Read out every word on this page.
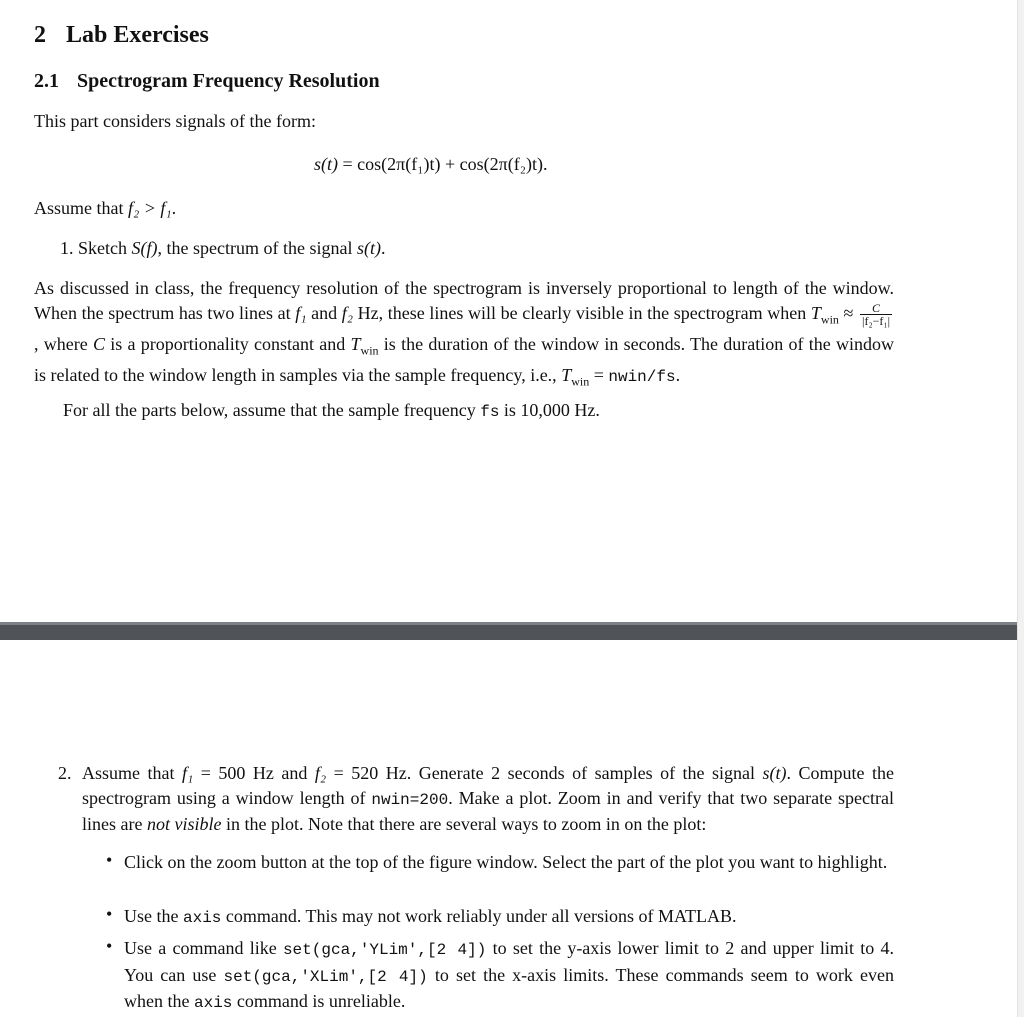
2 Lab Exercises
2.1 Spectrogram Frequency Resolution
This part considers signals of the form:
s(t) = cos(2π(f₁)t) + cos(2π(f₂)t).
Assume that f₂ > f₁.
1. Sketch S(f), the spectrum of the signal s(t).
As discussed in class, the frequency resolution of the spectrogram is inversely proportional to length of the window. When the spectrum has two lines at f₁ and f₂ Hz, these lines will be clearly visible in the spectrogram when $T_{win} \approx \frac{C}{\text{|f₂−f₁|}}$
, where C is a proportionality constant and $T_{win}$ is the duration of the window in seconds. The duration of the window is related to the window length in samples via the sample frequency, i.e., $T_{win}$ = nwin/fs.
For all the parts below, assume that the sample frequency fs is 10,000 Hz.
2. Assume that f₁ = 500 Hz and f₂ = 520 Hz. Generate 2 seconds of samples of the signal s(t). Compute the spectrogram using a window length of nwin=200. Make a plot. Zoom in and verify that two separate spectral lines are not visible in the plot. Note that there are several ways to zoom in on the plot:
• Click on the zoom button at the top of the figure window. Select the part of the plot you want to highlight.
• Use the axis command. This may not work reliably under all versions of MATLAB.
• Use a command like set(gca,'YLim',[2 4]) to set the y-axis lower limit to 2 and upper limit to 4. You can use set(gca,'XLim',[2 4]) to set the x-axis limits. These commands seem to work even when the axis command is unreliable.
